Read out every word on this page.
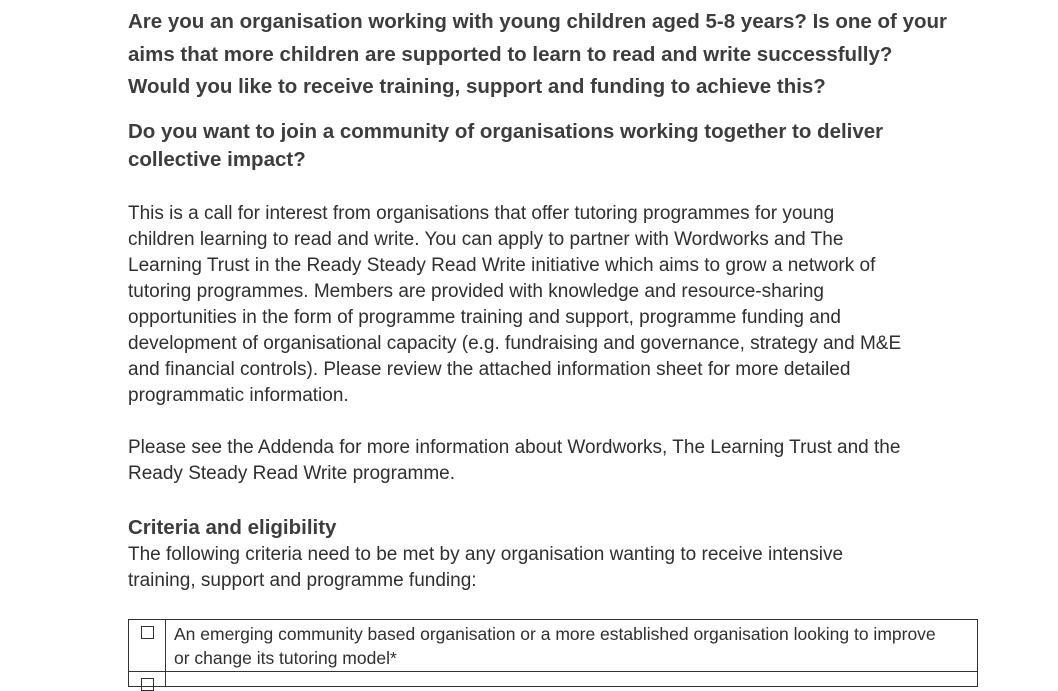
Are you an organisation working with young children aged 5-8 years? Is one of your
aims that more children are supported to learn to read and write successfully?
Would you like to receive training, support and funding to achieve this?
Do you want to join a community of organisations working together to deliver
collective impact?
This is a call for interest from organisations that offer tutoring programmes for young
children learning to read and write. You can apply to partner with Wordworks and The
Learning Trust in the Ready Steady Read Write initiative which aims to grow a network of
tutoring programmes. Members are provided with knowledge and resource-sharing
opportunities in the form of programme training and support, programme funding and
development of organisational capacity (e.g. fundraising and governance, strategy and M&E
and financial controls). Please review the attached information sheet for more detailed
programmatic information.
Please see the Addenda for more information about Wordworks, The Learning Trust and the
Ready Steady Read Write programme.
Criteria and eligibility
The following criteria need to be met by any organisation wanting to receive intensive
training, support and programme funding:
An emerging community based organisation or a more established organisation looking to improve
or change its tutoring model*
